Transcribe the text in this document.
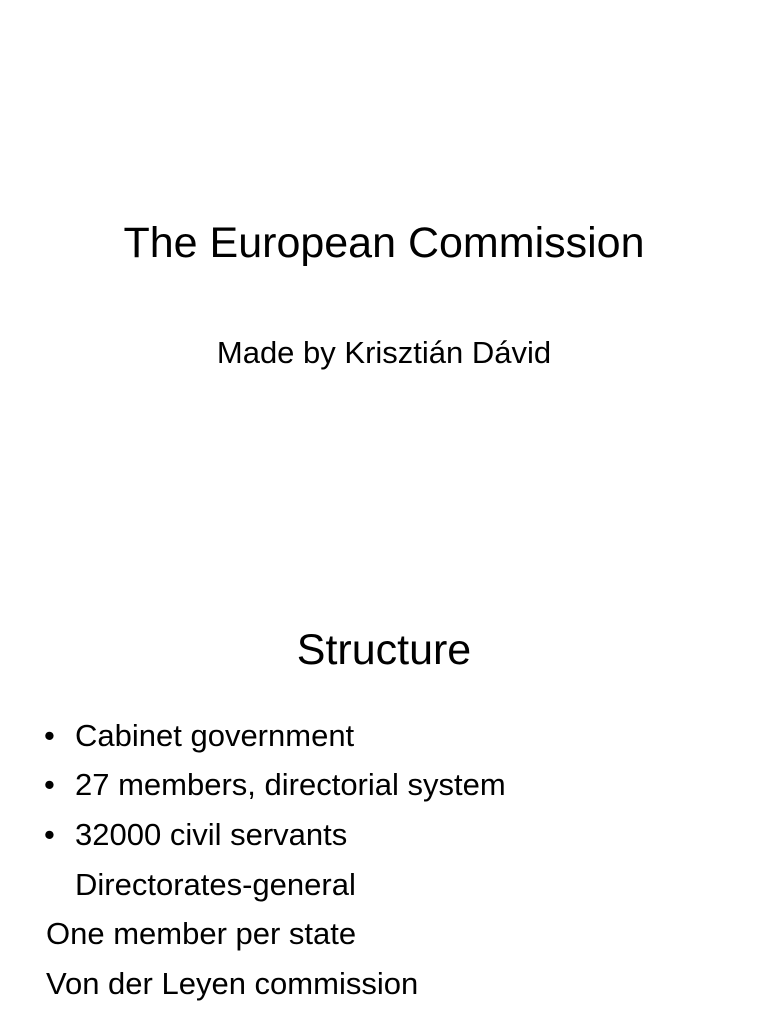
The European Commission
Made by Krisztián Dávid
Structure
• Cabinet government
• 27 members, directorial system
• 32000 civil servants
Directorates-general
One member per state
Von der Leyen commission
